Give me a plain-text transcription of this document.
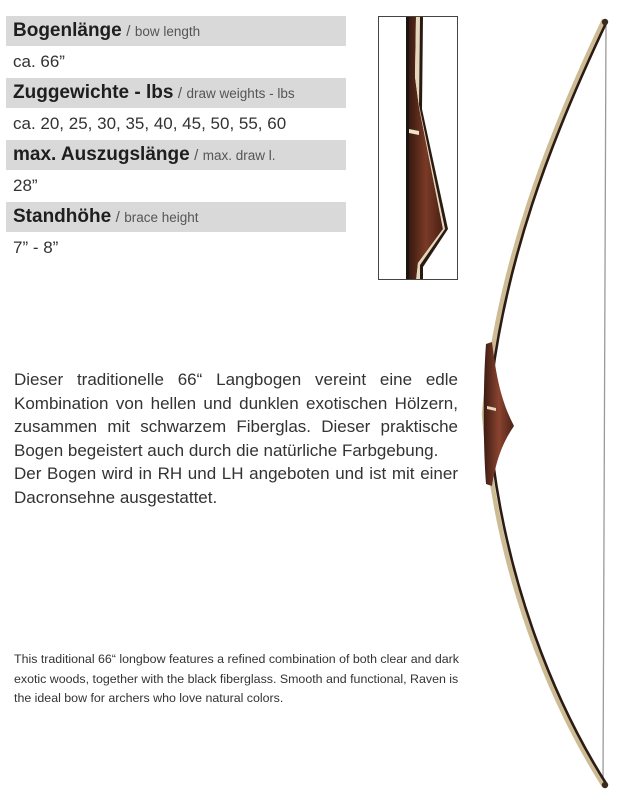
Bogenlänge / bow length
ca. 66”
Zuggewichte - lbs / draw weights - lbs
ca. 20, 25, 30, 35, 40, 45, 50, 55, 60
max. Auszugslänge / max. draw l.
28”
Standhöhe / brace height
7” - 8”

Dieser traditionelle 66“ Langbogen vereint eine edle Kombination von hellen und dunklen exotischen Hölzern, zusammen mit schwarzem Fiberglas. Dieser praktische Bogen begeistert auch durch die natürliche Farbgebung.

Der Bogen wird in RH und LH angeboten und ist mit einer Dacronsehne ausgestattet.

This traditional 66“ longbow features a refined combination of both clear and dark exotic woods, together with the black fiberglass. Smooth and functional, Raven is the ideal bow for archers who love natural colors.
